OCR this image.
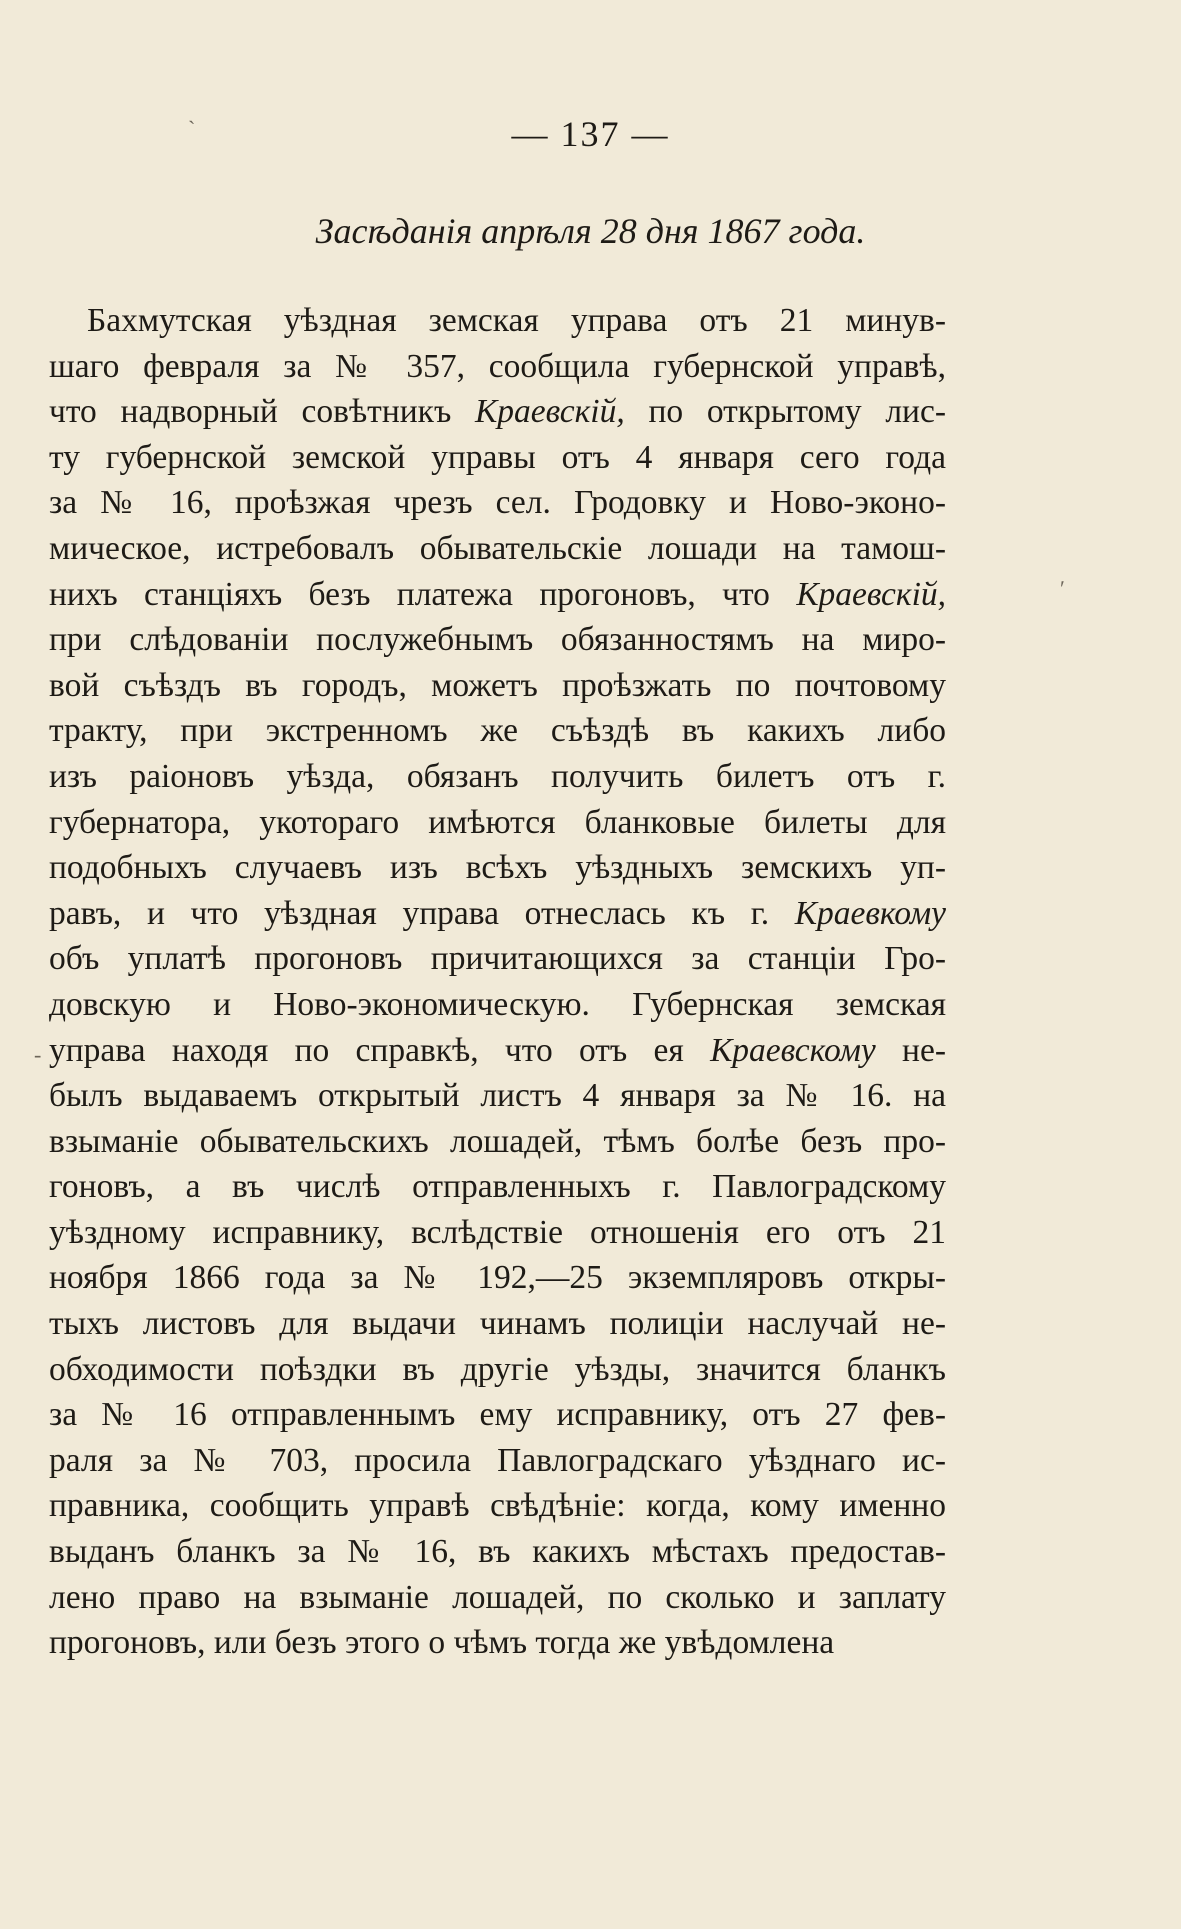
— 137 —
Засѣданія апрѣля 28 дня 1867 года.
Бахмутская уѣздная земская управа отъ 21 минув-
шаго февраля за № 357, сообщила губернской управѣ,
что надворный совѣтникъ Краевскій, по открытому лис-
ту губернской земской управы отъ 4 января сего года
за № 16, проѣзжая чрезъ сел. Гродовку и Ново-эконо-
мическое, истребовалъ обывательскіе лошади на тамош-
нихъ станціяхъ безъ платежа прогоновъ, что Краевскій,
при слѣдованіи послужебнымъ обязанностямъ на миро-
вой съѣздъ въ городъ, можетъ проѣзжать по почтовому
тракту, при экстренномъ же съѣздѣ въ какихъ либо
изъ раіоновъ уѣзда, обязанъ получить билетъ отъ г.
губернатора, укотораго имѣются бланковые билеты для
подобныхъ случаевъ изъ всѣхъ уѣздныхъ земскихъ уп-
равъ, и что уѣздная управа отнеслась къ г. Краевкому
объ уплатѣ прогоновъ причитающихся за станціи Гро-
довскую и Ново-экономическую. Губернская земская
управа находя по справкѣ, что отъ ея Краевскому не-
былъ выдаваемъ открытый листъ 4 января за № 16. на
взыманіе обывательскихъ лошадей, тѣмъ болѣе безъ про-
гоновъ, а въ числѣ отправленныхъ г. Павлоградскому
уѣздному исправнику, вслѣдствіе отношенія его отъ 21
ноября 1866 года за № 192,—25 экземпляровъ откры-
тыхъ листовъ для выдачи чинамъ полиціи наслучай не-
обходимости поѣздки въ другіе уѣзды, значится бланкъ
за № 16 отправленнымъ ему исправнику, отъ 27 фев-
раля за № 703, просила Павлоградскаго уѣзднаго ис-
правника, сообщить управѣ свѣдѣніе: когда, кому именно
выданъ бланкъ за № 16, въ какихъ мѣстахъ предостав-
лено право на взыманіе лошадей, по сколько и заплату
прогоновъ, или безъ этого о чѣмъ тогда же увѣдомлена
ʹ
-
ˋ
